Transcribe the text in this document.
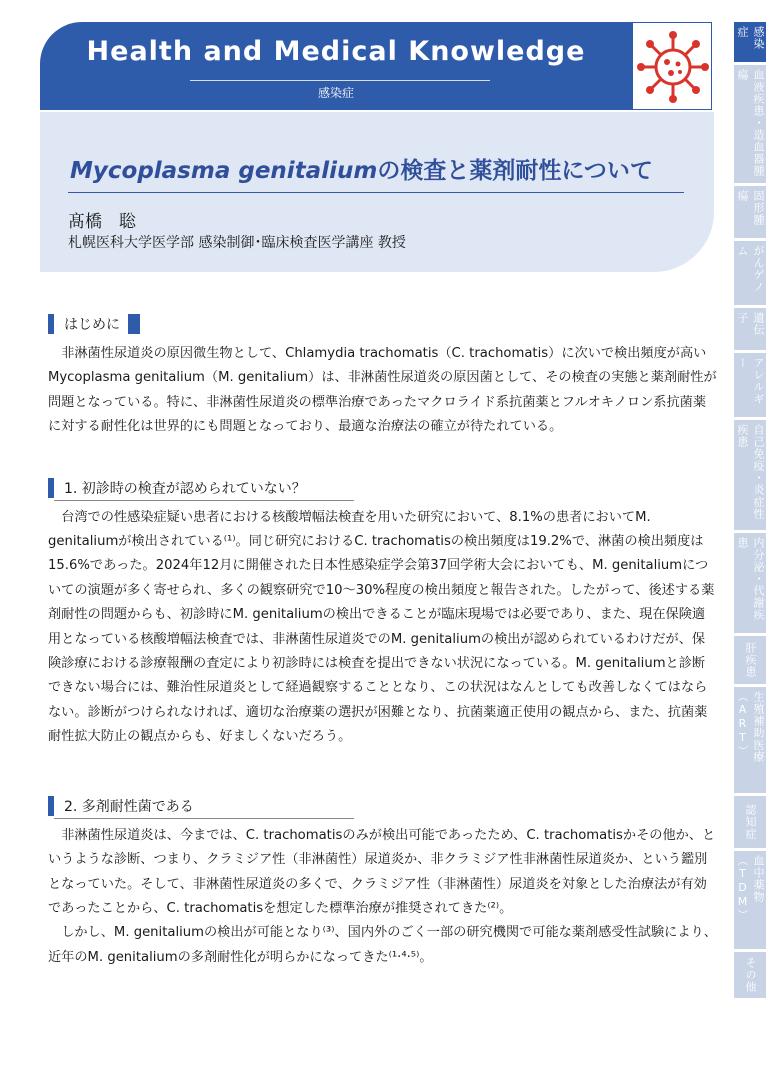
Health and Medical Knowledge
感染症
Mycoplasma genitaliumの検査と薬剤耐性について
髙橋　聡
札幌医科大学医学部 感染制御･臨床検査医学講座 教授
感染症
血液疾患・造血器腫瘍
固形腫瘍
がんゲノム
遺伝子
アレルギー
自己免疫・炎症性疾患
内分泌・代謝疾患
肝疾患
生殖補助医療（ART）
認知症
血中薬物（TDM）
その他
はじめに

非淋菌性尿道炎の原因微生物として、Chlamydia trachomatis（C. trachomatis）に次いで検出頻度が高いMycoplasma genitalium（M. genitalium）は、非淋菌性尿道炎の原因菌として、その検査の実態と薬剤耐性が問題となっている。特に、非淋菌性尿道炎の標準治療であったマクロライド系抗菌薬とフルオキノロン系抗菌薬に対する耐性化は世界的にも問題となっており、最適な治療法の確立が待たれている。

1. 初診時の検査が認められていない？

台湾での性感染症疑い患者における核酸増幅法検査を用いた研究において、8.1%の患者においてM. genitaliumが検出されている⁽¹⁾。同じ研究におけるC. trachomatisの検出頻度は19.2%で、淋菌の検出頻度は15.6%であった。2024年12月に開催された日本性感染症学会第37回学術大会においても、M. genitaliumについての演題が多く寄せられ、多くの観察研究で10～30%程度の検出頻度と報告された。したがって、後述する薬剤耐性の問題からも、初診時にM. genitaliumの検出できることが臨床現場では必要であり、また、現在保険適用となっている核酸増幅法検査では、非淋菌性尿道炎でのM. genitaliumの検出が認められているわけだが、保険診療における診療報酬の査定により初診時には検査を提出できない状況になっている。M. genitaliumと診断できない場合には、難治性尿道炎として経過観察することとなり、この状況はなんとしても改善しなくてはならない。診断がつけられなければ、適切な治療薬の選択が困難となり、抗菌薬適正使用の観点から、また、抗菌薬耐性拡大防止の観点からも、好ましくないだろう。

2. 多剤耐性菌である

非淋菌性尿道炎は、今までは、C. trachomatisのみが検出可能であったため、C. trachomatisかその他か、というような診断、つまり、クラミジア性（非淋菌性）尿道炎か、非クラミジア性非淋菌性尿道炎か、という鑑別となっていた。そして、非淋菌性尿道炎の多くで、クラミジア性（非淋菌性）尿道炎を対象とした治療法が有効であったことから、C. trachomatisを想定した標準治療が推奨されてきた⁽²⁾。

しかし、M. genitaliumの検出が可能となり⁽³⁾、国内外のごく一部の研究機関で可能な薬剤感受性試験により、近年のM. genitaliumの多剤耐性化が明らかになってきた⁽¹·⁴·⁵⁾。
